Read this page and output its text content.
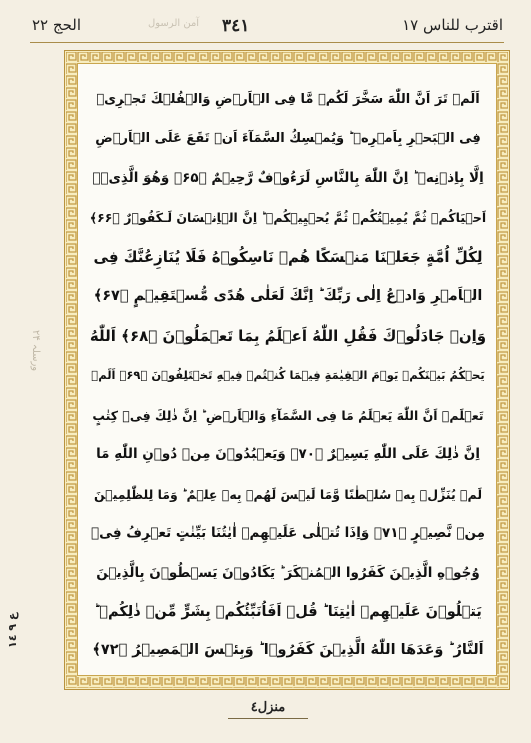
اقترب للناس ١٧
٣٤١
آمن الرسول
الحج ٢٢
اَلَمۡ تَرَ اَنَّ اللّٰهَ سَخَّرَ لَكُمۡ مَّا فِى الۡاَرۡضِ وَالۡفُلۡكَ تَجۡرِىۡ
فِى الۡبَحۡرِ بِاَمۡرِهٖ ؕ وَيُمۡسِكُ السَّمَآءَ اَنۡ تَقَعَ عَلَى الۡاَرۡضِ
اِلَّا بِاِذۡنِهٖ ؕ اِنَّ اللّٰهَ بِالنَّاسِ لَرَءُوۡفٌ رَّحِيۡمٌ ﴿۶۵﴾ وَهُوَ الَّذِىۡۤ
اَحۡيَاكُمۡ ثُمَّ يُمِيۡتُكُمۡ ثُمَّ يُحۡيِيۡكُمۡ ؕ اِنَّ الۡاِنۡسَانَ لَـكَفُوۡرٌ ﴿۶۶﴾
لِكُلِّ اُمَّةٍ جَعَلۡنَا مَنۡسَكًا هُمۡ نَاسِكُوۡهُ فَلَا يُنَازِعُنَّكَ فِى
الۡاَمۡرِ وَادۡعُ اِلٰى رَبِّكَ ؕ اِنَّكَ لَعَلٰى هُدًى مُّسۡتَقِيۡمٍ ﴿۶۷﴾
وَاِنۡ جَادَلُوۡكَ فَقُلِ اللّٰهُ اَعۡلَمُ بِمَا تَعۡمَلُوۡنَ ﴿۶۸﴾ اَللّٰهُ
يَحۡكُمُ بَيۡنَكُمۡ يَوۡمَ الۡقِيٰمَةِ فِيۡمَا كُنۡتُمۡ فِيۡهِ تَخۡتَلِفُوۡنَ ﴿۶۹﴾ اَلَمۡ
تَعۡلَمۡ اَنَّ اللّٰهَ يَعۡلَمُ مَا فِى السَّمَآءِ وَالۡاَرۡضِ ؕ اِنَّ ذٰلِكَ فِىۡ كِتٰبٍ
اِنَّ ذٰلِكَ عَلَى اللّٰهِ يَسِيۡرٌ ﴿۷۰﴾ وَيَعۡبُدُوۡنَ مِنۡ دُوۡنِ اللّٰهِ مَا
لَمۡ يُنَزِّلۡ بِهٖ سُلۡطٰنًا وَّمَا لَيۡسَ لَهُمۡ بِهٖ عِلۡمٌ ؕ وَمَا لِلظّٰلِمِيۡنَ
مِنۡ نَّصِيۡرٍ ﴿۷۱﴾ وَاِذَا تُتۡلٰى عَلَيۡهِمۡ اٰيٰتُنَا بَيِّنٰتٍ تَعۡرِفُ فِىۡ
وُجُوۡهِ الَّذِيۡنَ كَفَرُوا الۡمُنۡكَرَ ؕ يَكَادُوۡنَ يَسۡطُوۡنَ بِالَّذِيۡنَ
يَتۡلُوۡنَ عَلَيۡهِمۡ اٰيٰتِنَا ؕ قُلۡ اَفَاُنَبِّئُكُمۡ بِشَرٍّ مِّنۡ ذٰلِكُمۡ ؕ
اَلنَّارُ ؕ وَعَدَهَا اللّٰهُ الَّذِيۡنَ كَفَرُوۡا ؕ وَبِئۡسَ الۡمَصِيۡرُ ﴿۷۲﴾
ورسلہ ۲۴
ع ۹ ١٤
منزل٤
